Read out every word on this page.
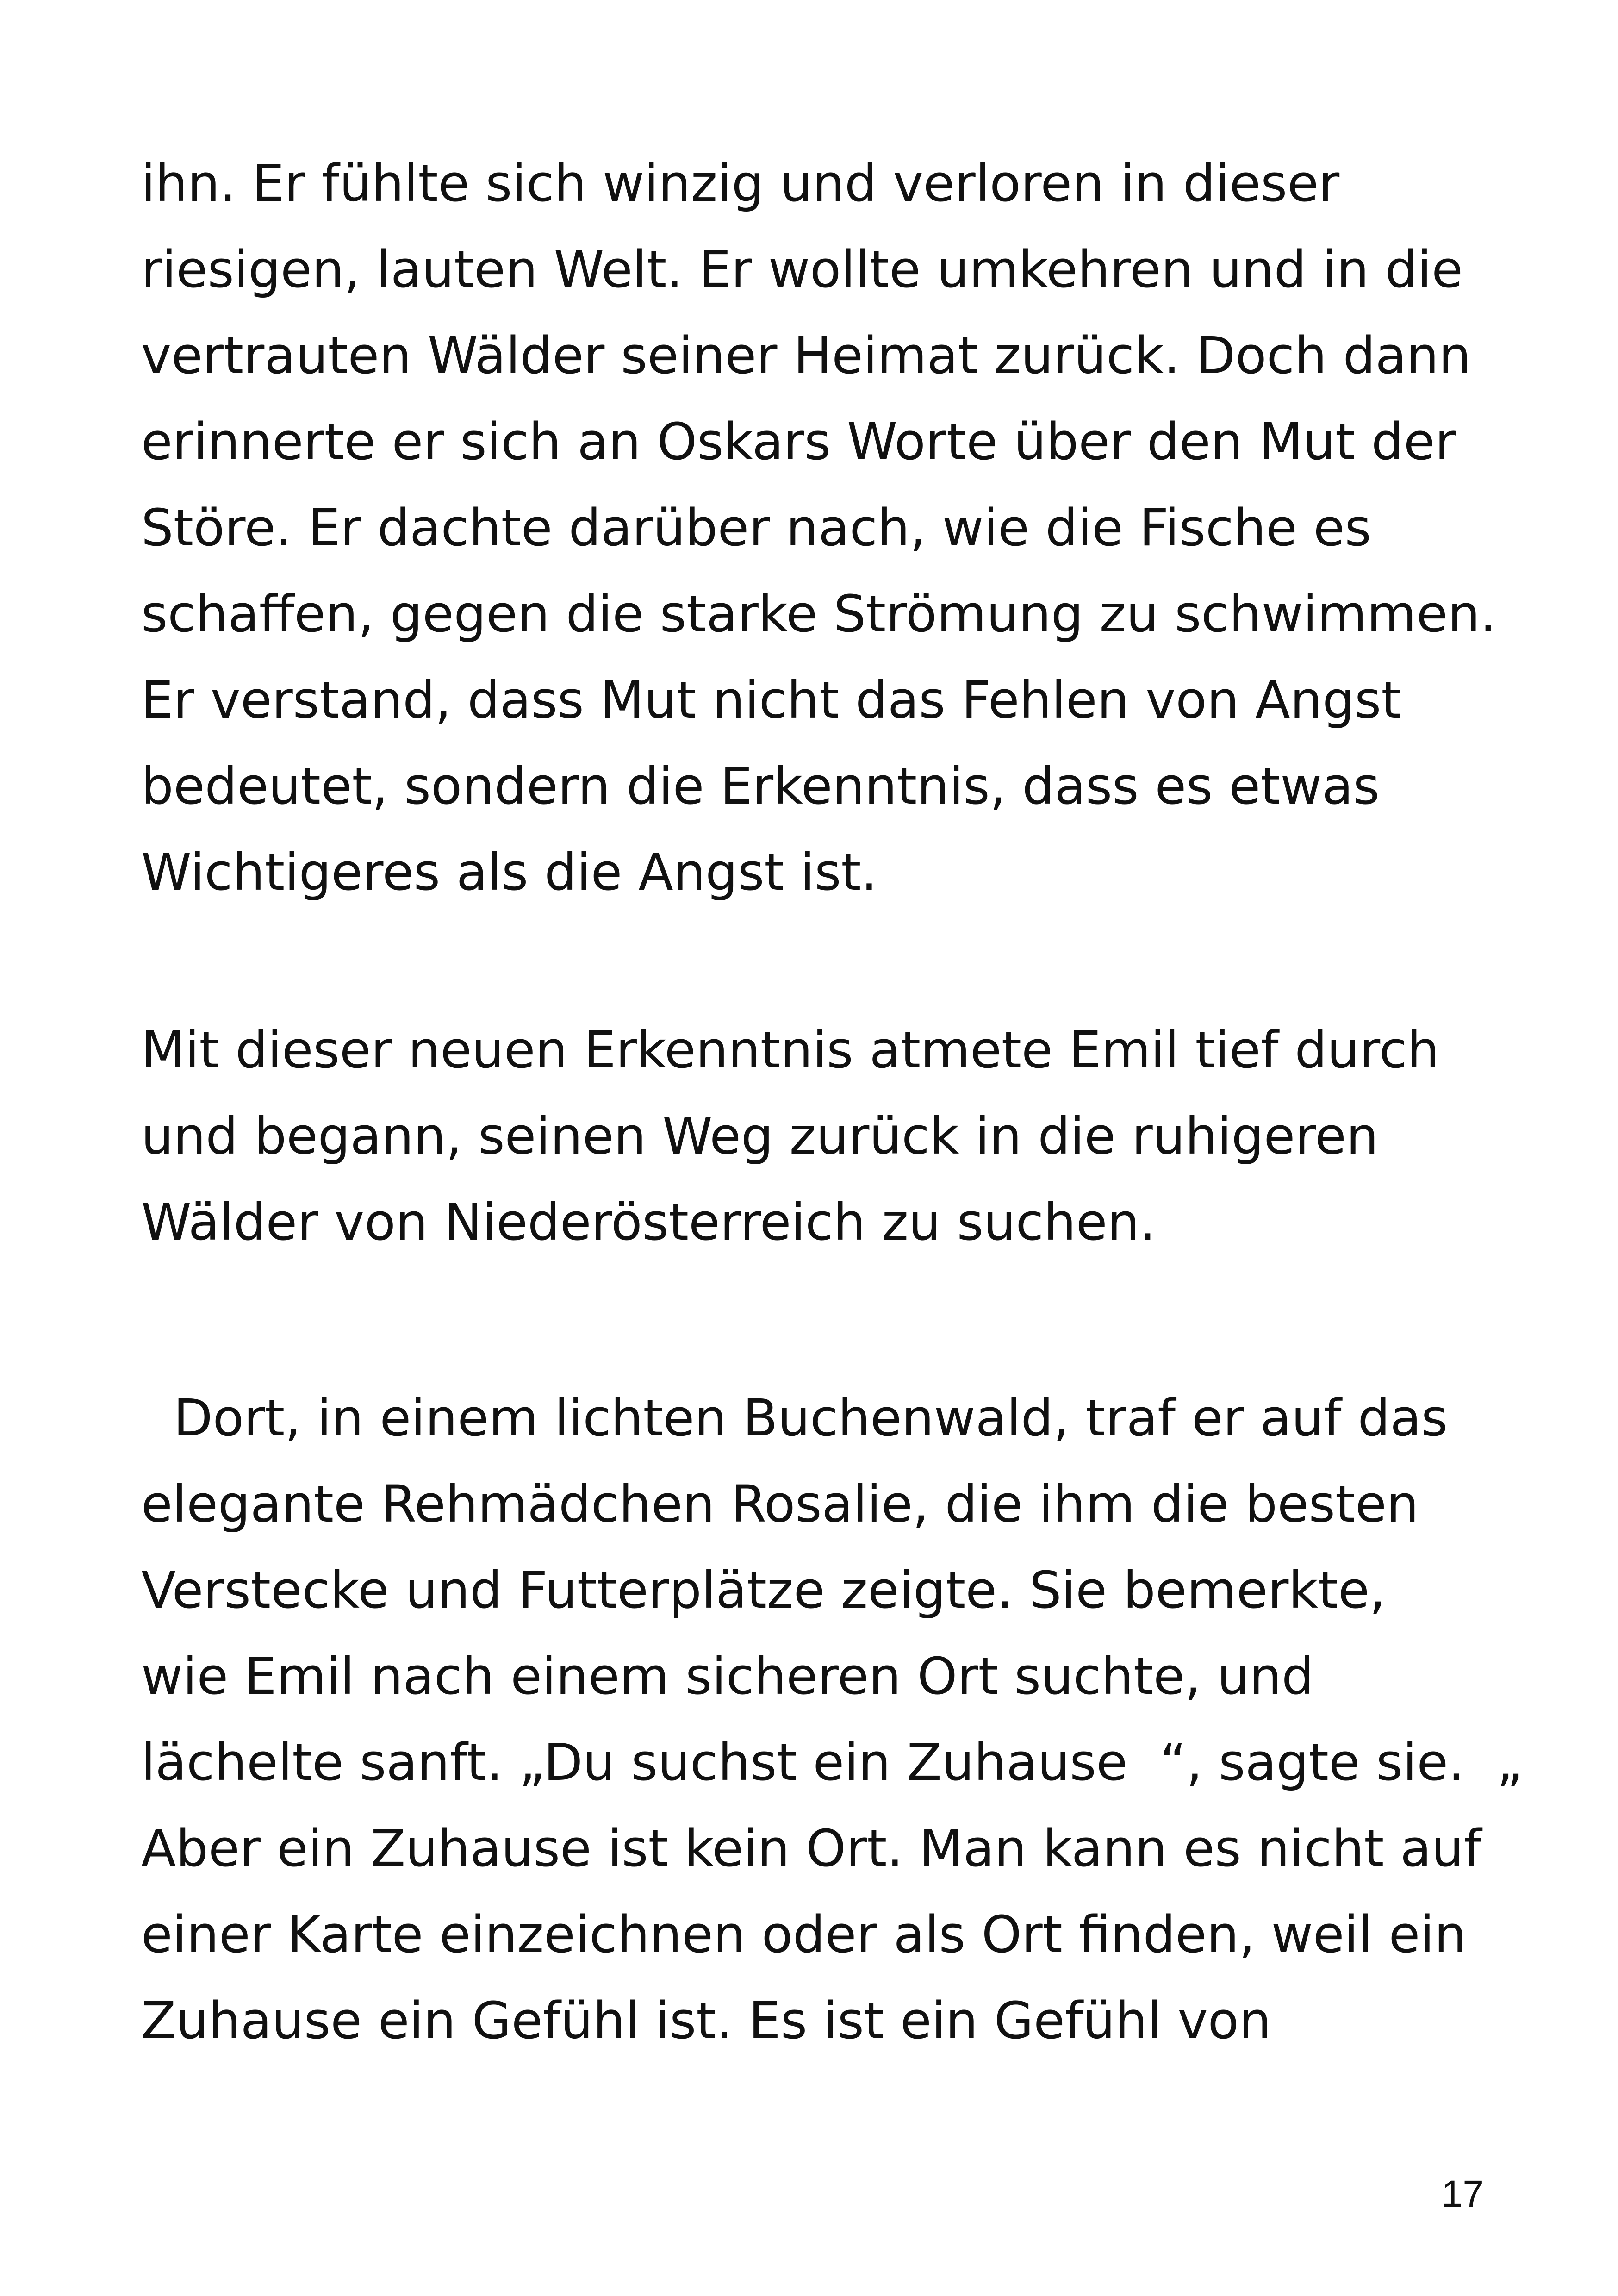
ihn. Er fühlte sich winzig und verloren in dieser
riesigen, lauten Welt. Er wollte umkehren und in die
vertrauten Wälder seiner Heimat zurück. Doch dann
erinnerte er sich an Oskars Worte über den Mut der
Störe. Er dachte darüber nach, wie die Fische es
schaffen, gegen die starke Strömung zu schwimmen.
Er verstand, dass Mut nicht das Fehlen von Angst
bedeutet, sondern die Erkenntnis, dass es etwas
Wichtigeres als die Angst ist.
Mit dieser neuen Erkenntnis atmete Emil tief durch
und begann, seinen Weg zurück in die ruhigeren
Wälder von Niederösterreich zu suchen.
Dort, in einem lichten Buchenwald, traf er auf das
elegante Rehmädchen Rosalie, die ihm die besten
Verstecke und Futterplätze zeigte. Sie bemerkte,
wie Emil nach einem sicheren Ort suchte, und
lächelte sanft. „Du suchst ein Zuhause  “, sagte sie.  „
Aber ein Zuhause ist kein Ort. Man kann es nicht auf
einer Karte einzeichnen oder als Ort finden, weil ein
Zuhause ein Gefühl ist. Es ist ein Gefühl von
17
